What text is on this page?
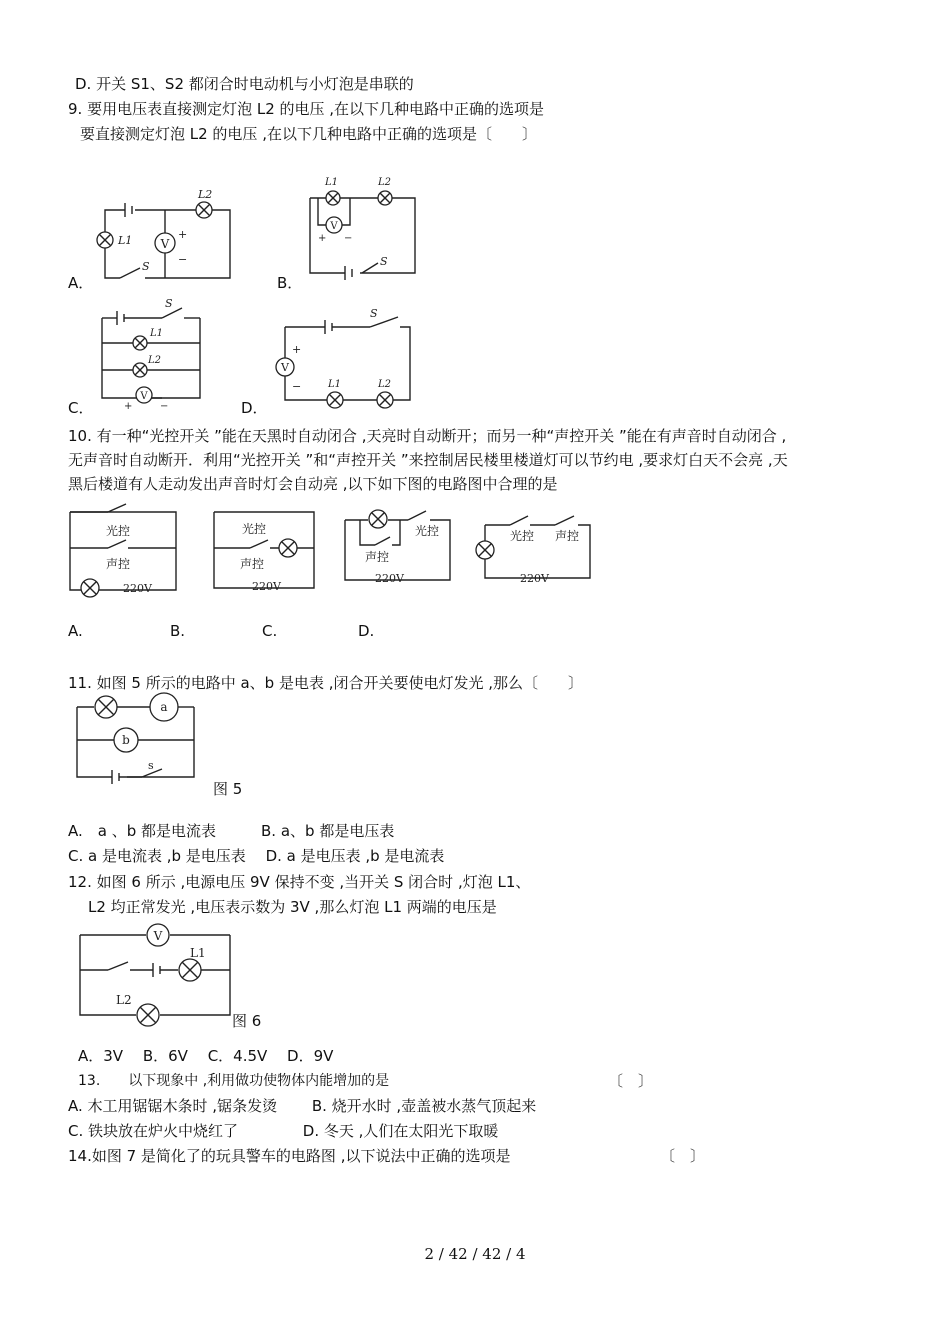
D. 开关 S1、S2 都闭合时电动机与小灯泡是串联的
9. 要用电压表直接测定灯泡 L2 的电压 ,在以下几种电路中正确的选项是
要直接测定灯泡 L2 的电压 ,在以下几种电路中正确的选项是〔　　〕
A．	B．
C．	D．
V
+
−
L1
L2
S	S
V
+ −
L1	L2
S
L1
L2
V
+	−
S
V
+
−	L1	L2
10. 有一种“光控开关 ”能在天黑时自动闭合 ,天亮时自动断开；而另一种“声控开关 ”能在有声音时自动闭合 ,
无声音时自动断开．利用“光控开关 ”和“声控开关 ”来控制居民楼里楼道灯可以节约电 ,要求灯白天不会亮 ,天
黑后楼道有人走动发出声音时灯会自动亮 ,以下如下图的电路图中合理的是
光控
声控
220V
光控
声控
220V
光控
声控
220V
光控 声控
220V
A.	B.	C.	D.
11. 如图 5 所示的电路中 a、b 是电表 ,闭合开关要使电灯发光 ,那么〔　　〕
a
b
s
图 5
A.　a 、b 都是电流表　　　B. a、b 都是电压表
C. a 是电流表 ,b 是电压表　 D. a 是电压表 ,b 是电流表
12. 如图 6 所示 ,电源电压 9V 保持不变 ,当开关 S 闭合时 ,灯泡 L1、
L2 均正常发光 ,电压表示数为 3V ,那么灯泡 L1 两端的电压是
V
L1
L2
图 6
A．3V　 B．6V　 C．4.5V　 D．9V
13.　　以下现象中 ,利用做功使物体内能增加的是	〔　〕
A. 木工用锯锯木条时 ,锯条发烫　　 B. 烧开水时 ,壶盖被水蒸气顶起来
C. 铁块放在炉火中烧红了　　　　 D. 冬天 ,人们在太阳光下取暖
14.如图 7 是简化了的玩具警车的电路图 ,以下说法中正确的选项是	〔　〕
2 / 42 / 42 / 4
